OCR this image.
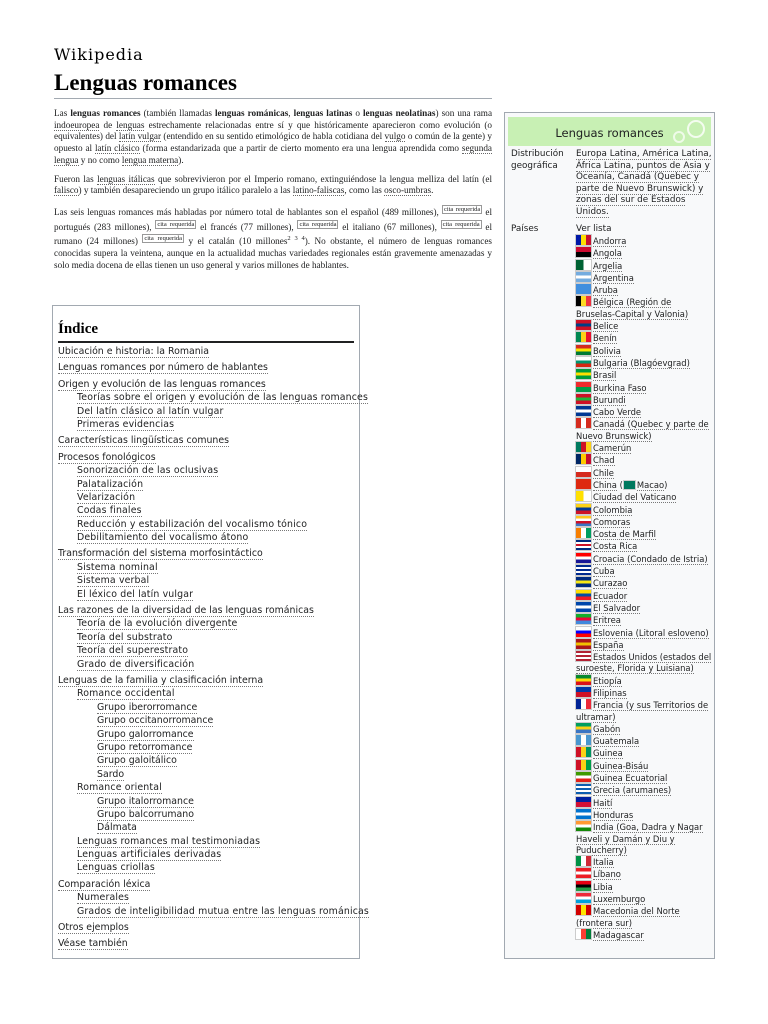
Wikipedia
Lenguas romances

Las lenguas romances (también llamadas lenguas románicas, lenguas latinas o lenguas neolatinas) son una rama indoeuropea de lenguas estrechamente relacionadas entre sí y que históricamente aparecieron como evolución (o equivalentes) del latín vulgar (entendido en su sentido etimológico de habla cotidiana del vulgo o común de la gente) y opuesto al latín clásico (forma estandarizada que a partir de cierto momento era una lengua aprendida como segunda lengua y no como lengua materna).

Fueron las lenguas itálicas que sobrevivieron por el Imperio romano, extinguiéndose la lengua melliza del latín (el falisco) y también desapareciendo un grupo itálico paralelo a las latino-faliscas, como las osco-umbras.

Las seis lenguas romances más habladas por número total de hablantes son el español (489 millones), $^{cita requerida}$ el portugués (283 millones), $^{cita requerida}$ el francés (77 millones), $^{cita requerida}$ el italiano (67 millones), $^{cita requerida}$ el rumano (24 millones) $^{cita requerida}$ y el catalán (10 millones$^{2 3 4}$). No obstante, el número de lenguas romances conocidas supera la veintena, aunque en la actualidad muchas variedades regionales están gravemente amenazadas y solo media docena de ellas tienen un uso general y varios millones de hablantes.

Índice
Ubicación e historia: la Romania
Lenguas romances por número de hablantes
Origen y evolución de las lenguas romances
Teorías sobre el origen y evolución de las lenguas romances
Del latín clásico al latín vulgar
Primeras evidencias
Características lingüísticas comunes
Procesos fonológicos
Sonorización de las oclusivas
Palatalización
Velarización
Codas finales
Reducción y estabilización del vocalismo tónico
Debilitamiento del vocalismo átono
Transformación del sistema morfosintáctico
Sistema nominal
Sistema verbal
El léxico del latín vulgar
Las razones de la diversidad de las lenguas románicas
Teoría de la evolución divergente
Teoría del substrato
Teoría del superestrato
Grado de diversificación
Lenguas de la familia y clasificación interna
Romance occidental
Grupo iberorromance
Grupo occitanorromance
Grupo galorromance
Grupo retorromance
Grupo galoitálico
Sardo
Romance oriental
Grupo italorromance
Grupo balcorrumano
Dálmata
Lenguas romances mal testimoniadas
Lenguas artificiales derivadas
Lenguas criollas
Comparación léxica
Numerales
Grados de inteligibilidad mutua entre las lenguas románicas
Otros ejemplos
Véase también
Lenguas romances
Distribución geográfica
Europa Latina, América Latina, África Latina, puntos de Asia y Oceanía, Canadá (Quebec y parte de Nuevo Brunswick) y zonas del sur de Estados Unidos.
Países	Ver lista
Andorra
Angola
Argelia
Argentina
Aruba
Bélgica (Región de Bruselas-Capital y Valonia)
Belice
Benín
Bolivia
Bulgaria (Blagóevgrad)
Brasil
Burkina Faso
Burundi
Cabo Verde
Canadá (Quebec y parte de Nuevo Brunswick)
Camerún
Chad
Chile
China ( Macao)
Ciudad del Vaticano
Colombia
Comoras
Costa de Marfil
Costa Rica
Croacia (Condado de Istria)
Cuba
Curazao
Ecuador
El Salvador
Eritrea
Eslovenia (Litoral esloveno)
España
Estados Unidos (estados del suroeste, Florida y Luisiana)
Etiopía
Filipinas
Francia (y sus Territorios de ultramar)
Gabón
Guatemala
Guinea
Guinea-Bisáu
Guinea Ecuatorial
Grecia (arumanes)
Haití
Honduras
India (Goa, Dadra y Nagar Haveli y Damán y Diu y Puducherry)
Italia
Líbano
Libia
Luxemburgo
Macedonia del Norte (frontera sur)
Madagascar
